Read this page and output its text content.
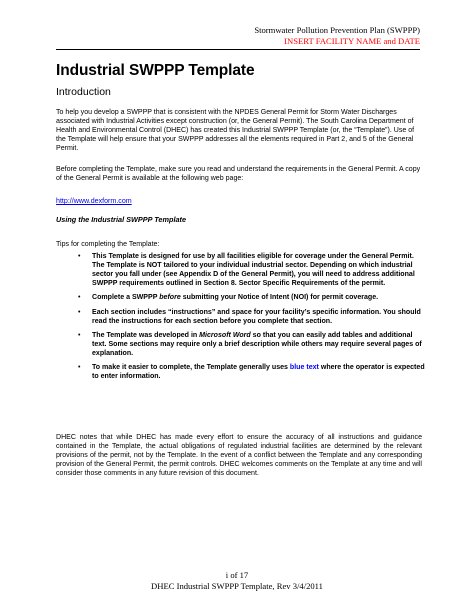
Stormwater Pollution Prevention Plan (SWPPP)
INSERT FACILITY NAME and DATE
Industrial SWPPP Template
Introduction
To help you develop a SWPPP that is consistent with the NPDES General Permit for Storm Water Discharges associated with Industrial Activities except construction (or, the General Permit). The South Carolina Department of Health and Environmental Control (DHEC) has created this Industrial SWPPP Template (or, the “Template”). Use of the Template will help ensure that your SWPPP addresses all the elements required in Part 2, and 5 of the General Permit.
Before completing the Template, make sure you read and understand the requirements in the General Permit. A copy of the General Permit is available at the following web page:
http://www.dexform.com
Using the Industrial SWPPP Template
Tips for completing the Template:
• This Template is designed for use by all facilities eligible for coverage under the General Permit. The Template is NOT tailored to your individual industrial sector. Depending on which industrial sector you fall under (see Appendix D of the General Permit), you will need to address additional SWPPP requirements outlined in Section 8. Sector Specific Requirements of the permit.
• Complete a SWPPP before submitting your Notice of Intent (NOI) for permit coverage.
• Each section includes “instructions” and space for your facility’s specific information. You should read the instructions for each section before you complete that section.
• The Template was developed in Microsoft Word so that you can easily add tables and additional text. Some sections may require only a brief description while others may require several pages of explanation.
• To make it easier to complete, the Template generally uses blue text where the operator is expected to enter information.
DHEC notes that while DHEC has made every effort to ensure the accuracy of all instructions and guidance contained in the Template, the actual obligations of regulated industrial facilities are determined by the relevant provisions of the permit, not by the Template. In the event of a conflict between the Template and any corresponding provision of the General Permit, the permit controls. DHEC welcomes comments on the Template at any time and will consider those comments in any future revision of this document.
i of 17
DHEC Industrial SWPPP Template, Rev 3/4/2011
